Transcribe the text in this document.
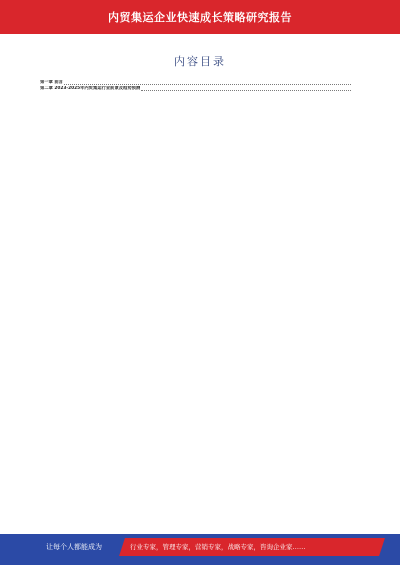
内贸集运企业快速成长策略研究报告
内容目录
第一章 前言
第二章 2023-2025年内贸集运行业前景及趋势预测
让每个人都能成为	行业专家，管理专家，营销专家，战略专家，咨询企业家……
